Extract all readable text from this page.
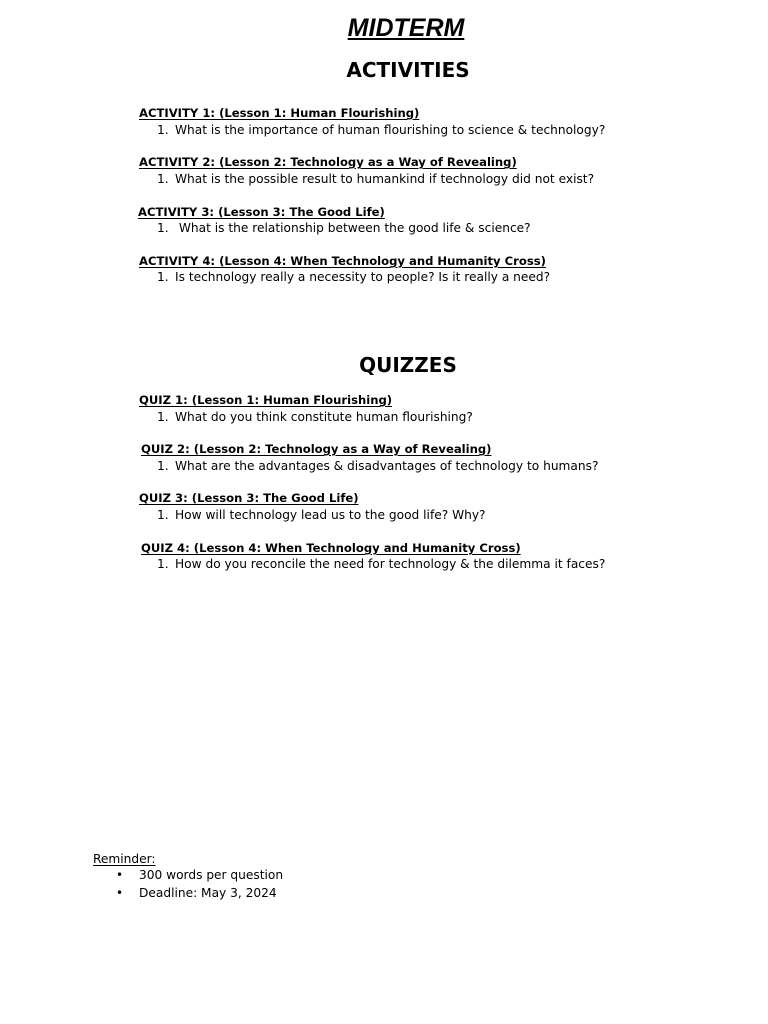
MIDTERM
ACTIVITIES
ACTIVITY 1: (Lesson 1: Human Flourishing)
1. What is the importance of human flourishing to science & technology?
ACTIVITY 2: (Lesson 2: Technology as a Way of Revealing)
1. What is the possible result to humankind if technology did not exist?
ACTIVITY 3: (Lesson 3: The Good Life)
1. What is the relationship between the good life & science?
ACTIVITY 4: (Lesson 4: When Technology and Humanity Cross)
1. Is technology really a necessity to people? Is it really a need?
QUIZZES
QUIZ 1: (Lesson 1: Human Flourishing)
1. What do you think constitute human flourishing?
QUIZ 2: (Lesson 2: Technology as a Way of Revealing)
1. What are the advantages & disadvantages of technology to humans?
QUIZ 3: (Lesson 3: The Good Life)
1. How will technology lead us to the good life? Why?
QUIZ 4: (Lesson 4: When Technology and Humanity Cross)
1. How do you reconcile the need for technology & the dilemma it faces?
Reminder:
• 300 words per question
• Deadline: May 3, 2024
